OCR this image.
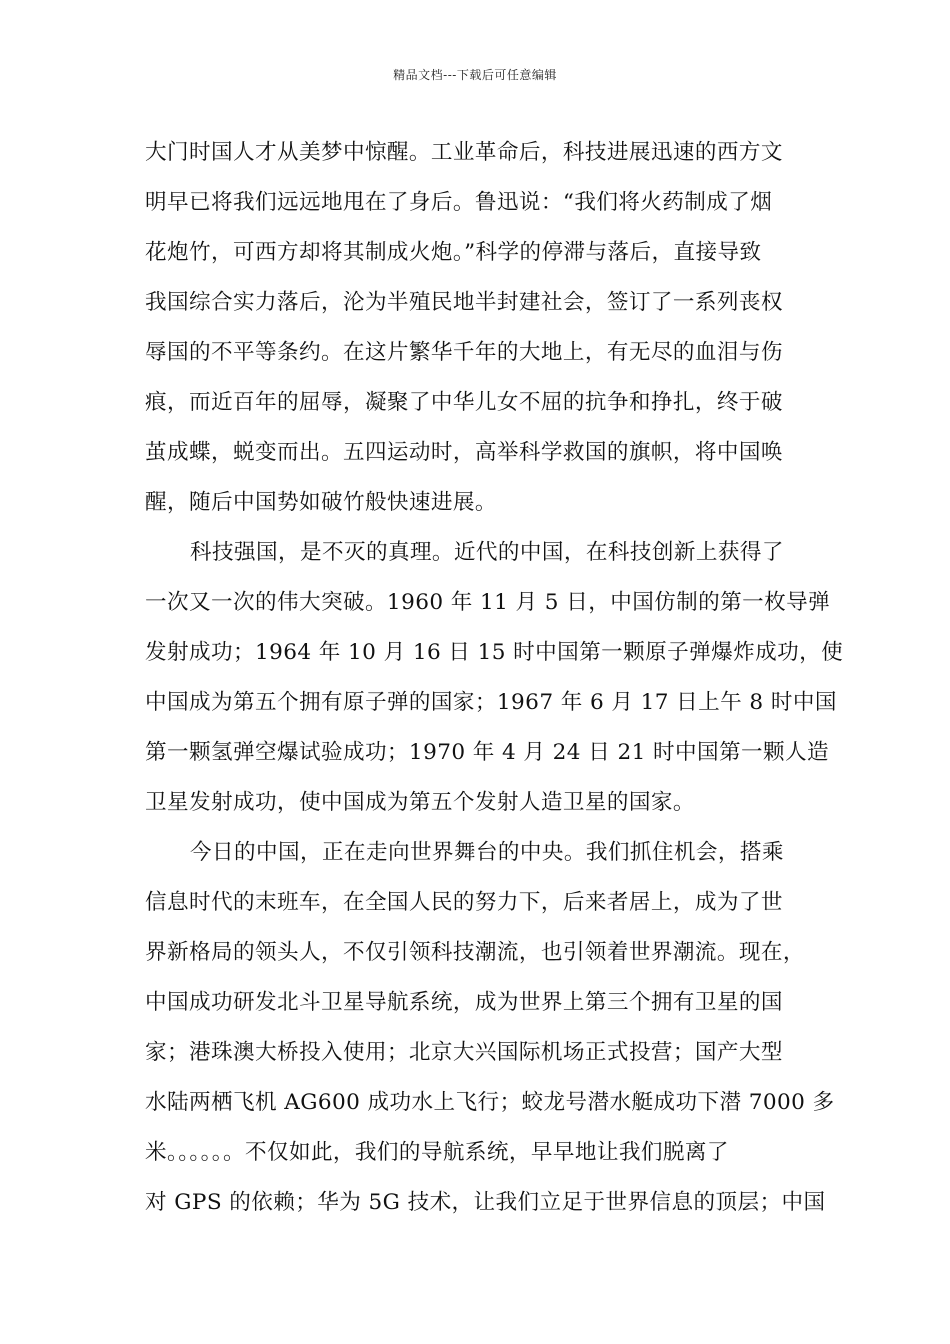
精品文档---下载后可任意编辑
大门时国人才从美梦中惊醒。工业革命后，科技进展迅速的西方文
明早已将我们远远地甩在了身后。鲁迅说：“我们将火药制成了烟
花炮竹，可西方却将其制成火炮。”科学的停滞与落后，直接导致
我国综合实力落后，沦为半殖民地半封建社会，签订了一系列丧权
辱国的不平等条约。在这片繁华千年的大地上，有无尽的血泪与伤
痕，而近百年的屈辱，凝聚了中华儿女不屈的抗争和挣扎，终于破
茧成蝶，蜕变而出。五四运动时，高举科学救国的旗帜，将中国唤
醒，随后中国势如破竹般快速进展。
科技强国，是不灭的真理。近代的中国，在科技创新上获得了
一次又一次的伟大突破。1960 年 11 月 5 日，中国仿制的第一枚导弹
发射成功；1964 年 10 月 16 日 15 时中国第一颗原子弹爆炸成功，使
中国成为第五个拥有原子弹的国家；1967 年 6 月 17 日上午 8 时中国
第一颗氢弹空爆试验成功；1970 年 4 月 24 日 21 时中国第一颗人造
卫星发射成功，使中国成为第五个发射人造卫星的国家。
今日的中国，正在走向世界舞台的中央。我们抓住机会，搭乘
信息时代的末班车，在全国人民的努力下，后来者居上，成为了世
界新格局的领头人，不仅引领科技潮流，也引领着世界潮流。现在，
中国成功研发北斗卫星导航系统，成为世界上第三个拥有卫星的国
家；港珠澳大桥投入使用；北京大兴国际机场正式投营；国产大型
水陆两栖飞机 AG600 成功水上飞行；蛟龙号潜水艇成功下潜 7000 多
米。。。。。。不仅如此，我们的导航系统，早早地让我们脱离了
对 GPS 的依赖；华为 5G 技术，让我们立足于世界信息的顶层；中国
